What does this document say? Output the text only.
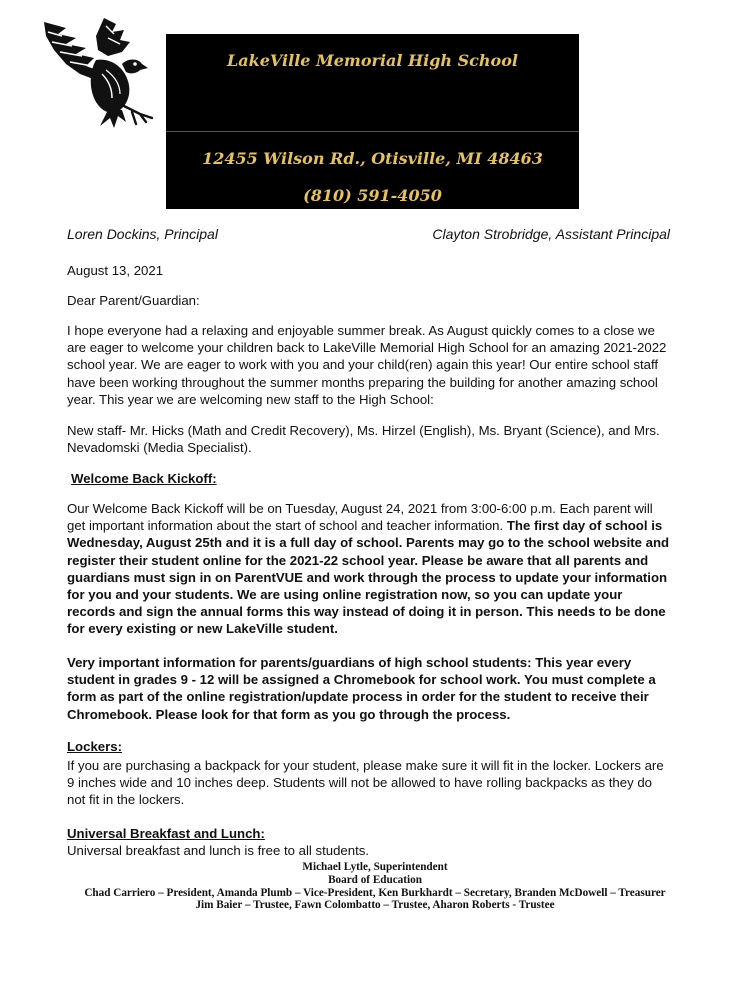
LakeVille Memorial High School
12455 Wilson Rd., Otisville, MI 48463
(810) 591-4050
Loren Dockins, Principal	Clayton Strobridge, Assistant Principal
August 13, 2021
Dear Parent/Guardian:
I hope everyone had a relaxing and enjoyable summer break. As August quickly comes to a close we are eager to welcome your children back to LakeVille Memorial High School for an amazing 2021-2022 school year. We are eager to work with you and your child(ren) again this year! Our entire school staff have been working throughout the summer months preparing the building for another amazing school year. This year we are welcoming new staff to the High School:
New staff- Mr. Hicks (Math and Credit Recovery), Ms. Hirzel (English), Ms. Bryant (Science), and Mrs. Nevadomski (Media Specialist).
Welcome Back Kickoff:
Our Welcome Back Kickoff will be on Tuesday, August 24, 2021 from 3:00-6:00 p.m. Each parent will get important information about the start of school and teacher information. The first day of school is Wednesday, August 25th and it is a full day of school. Parents may go to the school website and register their student online for the 2021-22 school year. Please be aware that all parents and guardians must sign in on ParentVUE and work through the process to update your information for you and your students. We are using online registration now, so you can update your records and sign the annual forms this way instead of doing it in person. This needs to be done for every existing or new LakeVille student.
Very important information for parents/guardians of high school students: This year every student in grades 9 - 12 will be assigned a Chromebook for school work. You must complete a form as part of the online registration/update process in order for the student to receive their Chromebook. Please look for that form as you go through the process.
Lockers:
If you are purchasing a backpack for your student, please make sure it will fit in the locker. Lockers are 9 inches wide and 10 inches deep. Students will not be allowed to have rolling backpacks as they do not fit in the lockers.
Universal Breakfast and Lunch:
Universal breakfast and lunch is free to all students.
Michael Lytle, Superintendent
Board of Education
Chad Carriero – President, Amanda Plumb – Vice-President, Ken Burkhardt – Secretary, Branden McDowell – Treasurer
Jim Baier – Trustee, Fawn Colombatto – Trustee, Aharon Roberts - Trustee
